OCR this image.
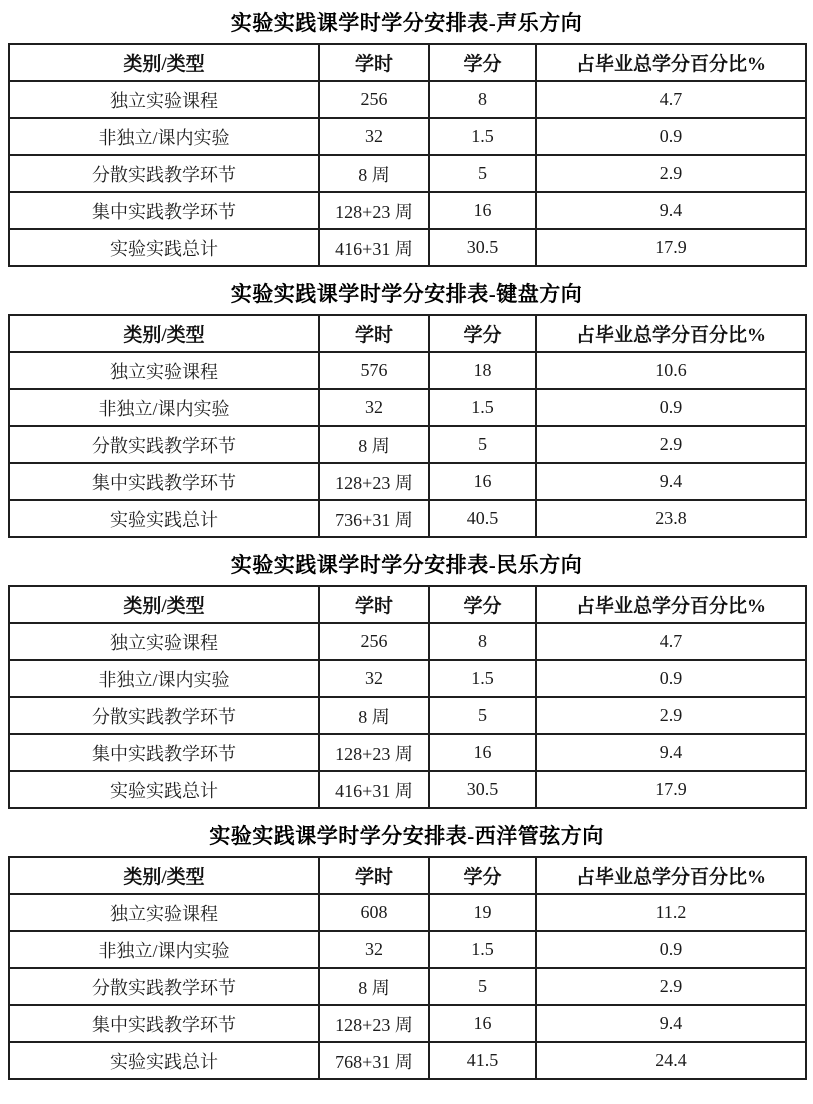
实验实践课学时学分安排表-声乐方向
类别/类型	学时	学分	占毕业总学分百分比%
独立实验课程	256	8	4.7
非独立/课内实验	32	1.5	0.9
分散实践教学环节	8 周	5	2.9
集中实践教学环节	128+23 周	16	9.4
实验实践总计	416+31 周	30.5	17.9
实验实践课学时学分安排表-键盘方向
类别/类型	学时	学分	占毕业总学分百分比%
独立实验课程	576	18	10.6
非独立/课内实验	32	1.5	0.9
分散实践教学环节	8 周	5	2.9
集中实践教学环节	128+23 周	16	9.4
实验实践总计	736+31 周	40.5	23.8
实验实践课学时学分安排表-民乐方向
类别/类型	学时	学分	占毕业总学分百分比%
独立实验课程	256	8	4.7
非独立/课内实验	32	1.5	0.9
分散实践教学环节	8 周	5	2.9
集中实践教学环节	128+23 周	16	9.4
实验实践总计	416+31 周	30.5	17.9
实验实践课学时学分安排表-西洋管弦方向
类别/类型	学时	学分	占毕业总学分百分比%
独立实验课程	608	19	11.2
非独立/课内实验	32	1.5	0.9
分散实践教学环节	8 周	5	2.9
集中实践教学环节	128+23 周	16	9.4
实验实践总计	768+31 周	41.5	24.4
